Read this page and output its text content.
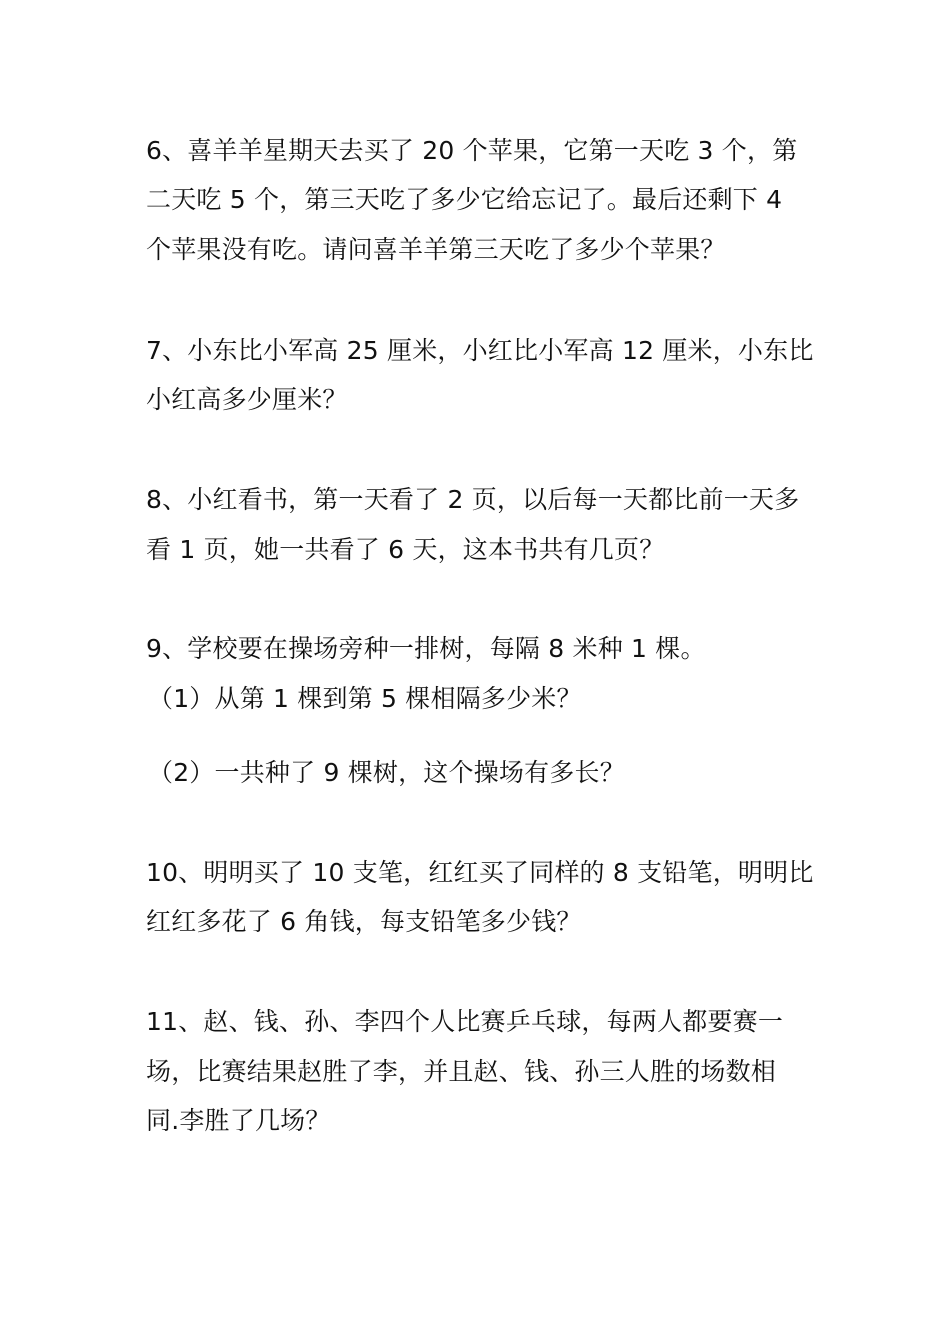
6、喜羊羊星期天去买了 20 个苹果，它第一天吃 3 个，第
二天吃 5 个，第三天吃了多少它给忘记了。最后还剩下 4
个苹果没有吃。请问喜羊羊第三天吃了多少个苹果？
7、小东比小军高 25 厘米，小红比小军高 12 厘米，小东比
小红高多少厘米？
8、小红看书，第一天看了 2 页，以后每一天都比前一天多
看 1 页，她一共看了 6 天，这本书共有几页？
9、学校要在操场旁种一排树，每隔 8 米种 1 棵。
（1）从第 1 棵到第 5 棵相隔多少米？
（2）一共种了 9 棵树，这个操场有多长？
10、明明买了 10 支笔，红红买了同样的 8 支铅笔，明明比
红红多花了 6 角钱，每支铅笔多少钱？
11、赵、钱、孙、李四个人比赛乒乓球，每两人都要赛一
场，比赛结果赵胜了李，并且赵、钱、孙三人胜的场数相
同.李胜了几场？
